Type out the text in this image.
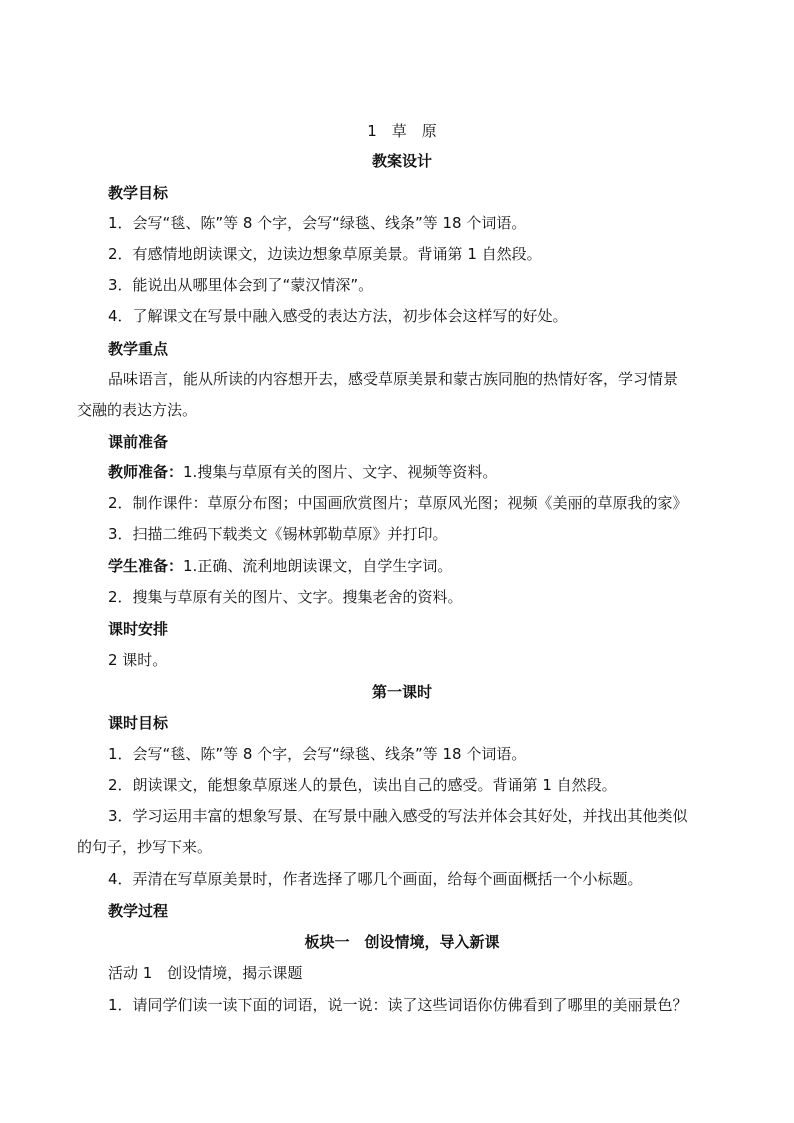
1　草　原
教案设计
教学目标
1．会写“毯、陈”等 8 个字，会写“绿毯、线条”等 18 个词语。
2．有感情地朗读课文，边读边想象草原美景。背诵第 1 自然段。
3．能说出从哪里体会到了“蒙汉情深”。
4．了解课文在写景中融入感受的表达方法，初步体会这样写的好处。
教学重点
品味语言，能从所读的内容想开去，感受草原美景和蒙古族同胞的热情好客，学习情景
交融的表达方法。
课前准备
教师准备：1.搜集与草原有关的图片、文字、视频等资料。
2．制作课件：草原分布图；中国画欣赏图片；草原风光图；视频《美丽的草原我的家》
3．扫描二维码下载类文《锡林郭勒草原》并打印。
学生准备：1.正确、流利地朗读课文，自学生字词。
2．搜集与草原有关的图片、文字。搜集老舍的资料。
课时安排
2 课时。
第一课时
课时目标
1．会写“毯、陈”等 8 个字，会写“绿毯、线条”等 18 个词语。
2．朗读课文，能想象草原迷人的景色，读出自己的感受。背诵第 1 自然段。
3．学习运用丰富的想象写景、在写景中融入感受的写法并体会其好处，并找出其他类似
的句子，抄写下来。
4．弄清在写草原美景时，作者选择了哪几个画面，给每个画面概括一个小标题。
教学过程
板块一　创设情境，导入新课
活动 1　创设情境，揭示课题
1．请同学们读一读下面的词语，说一说：读了这些词语你仿佛看到了哪里的美丽景色？
